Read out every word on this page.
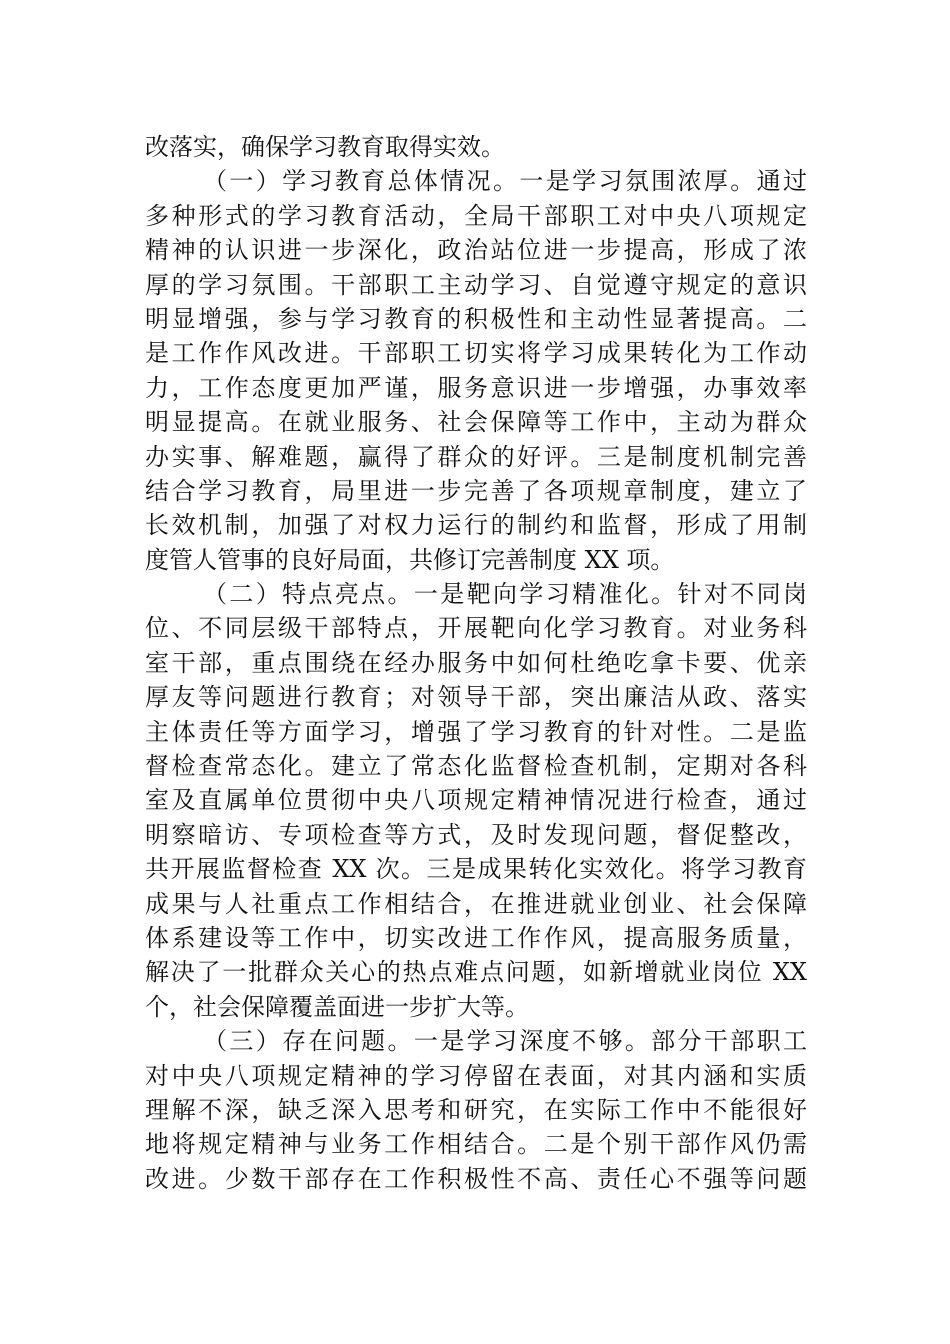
改落实，确保学习教育取得实效。
（一）学习教育总体情况。一是学习氛围浓厚。通过
多种形式的学习教育活动，全局干部职工对中央八项规定
精神的认识进一步深化，政治站位进一步提高，形成了浓
厚的学习氛围。干部职工主动学习、自觉遵守规定的意识
明显增强，参与学习教育的积极性和主动性显著提高。二
是工作作风改进。干部职工切实将学习成果转化为工作动
力，工作态度更加严谨，服务意识进一步增强，办事效率
明显提高。在就业服务、社会保障等工作中，主动为群众
办实事、解难题，赢得了群众的好评。三是制度机制完善
结合学习教育，局里进一步完善了各项规章制度，建立了
长效机制，加强了对权力运行的制约和监督，形成了用制
度管人管事的良好局面，共修订完善制度 XX 项。
（二）特点亮点。一是靶向学习精准化。针对不同岗
位、不同层级干部特点，开展靶向化学习教育。对业务科
室干部，重点围绕在经办服务中如何杜绝吃拿卡要、优亲
厚友等问题进行教育；对领导干部，突出廉洁从政、落实
主体责任等方面学习，增强了学习教育的针对性。二是监
督检查常态化。建立了常态化监督检查机制，定期对各科
室及直属单位贯彻中央八项规定精神情况进行检查，通过
明察暗访、专项检查等方式，及时发现问题，督促整改，
共开展监督检查 XX 次。三是成果转化实效化。将学习教育
成果与人社重点工作相结合，在推进就业创业、社会保障
体系建设等工作中，切实改进工作作风，提高服务质量，
解决了一批群众关心的热点难点问题，如新增就业岗位 XX
个，社会保障覆盖面进一步扩大等。
（三）存在问题。一是学习深度不够。部分干部职工
对中央八项规定精神的学习停留在表面，对其内涵和实质
理解不深，缺乏深入思考和研究，在实际工作中不能很好
地将规定精神与业务工作相结合。二是个别干部作风仍需
改进。少数干部存在工作积极性不高、责任心不强等问题
